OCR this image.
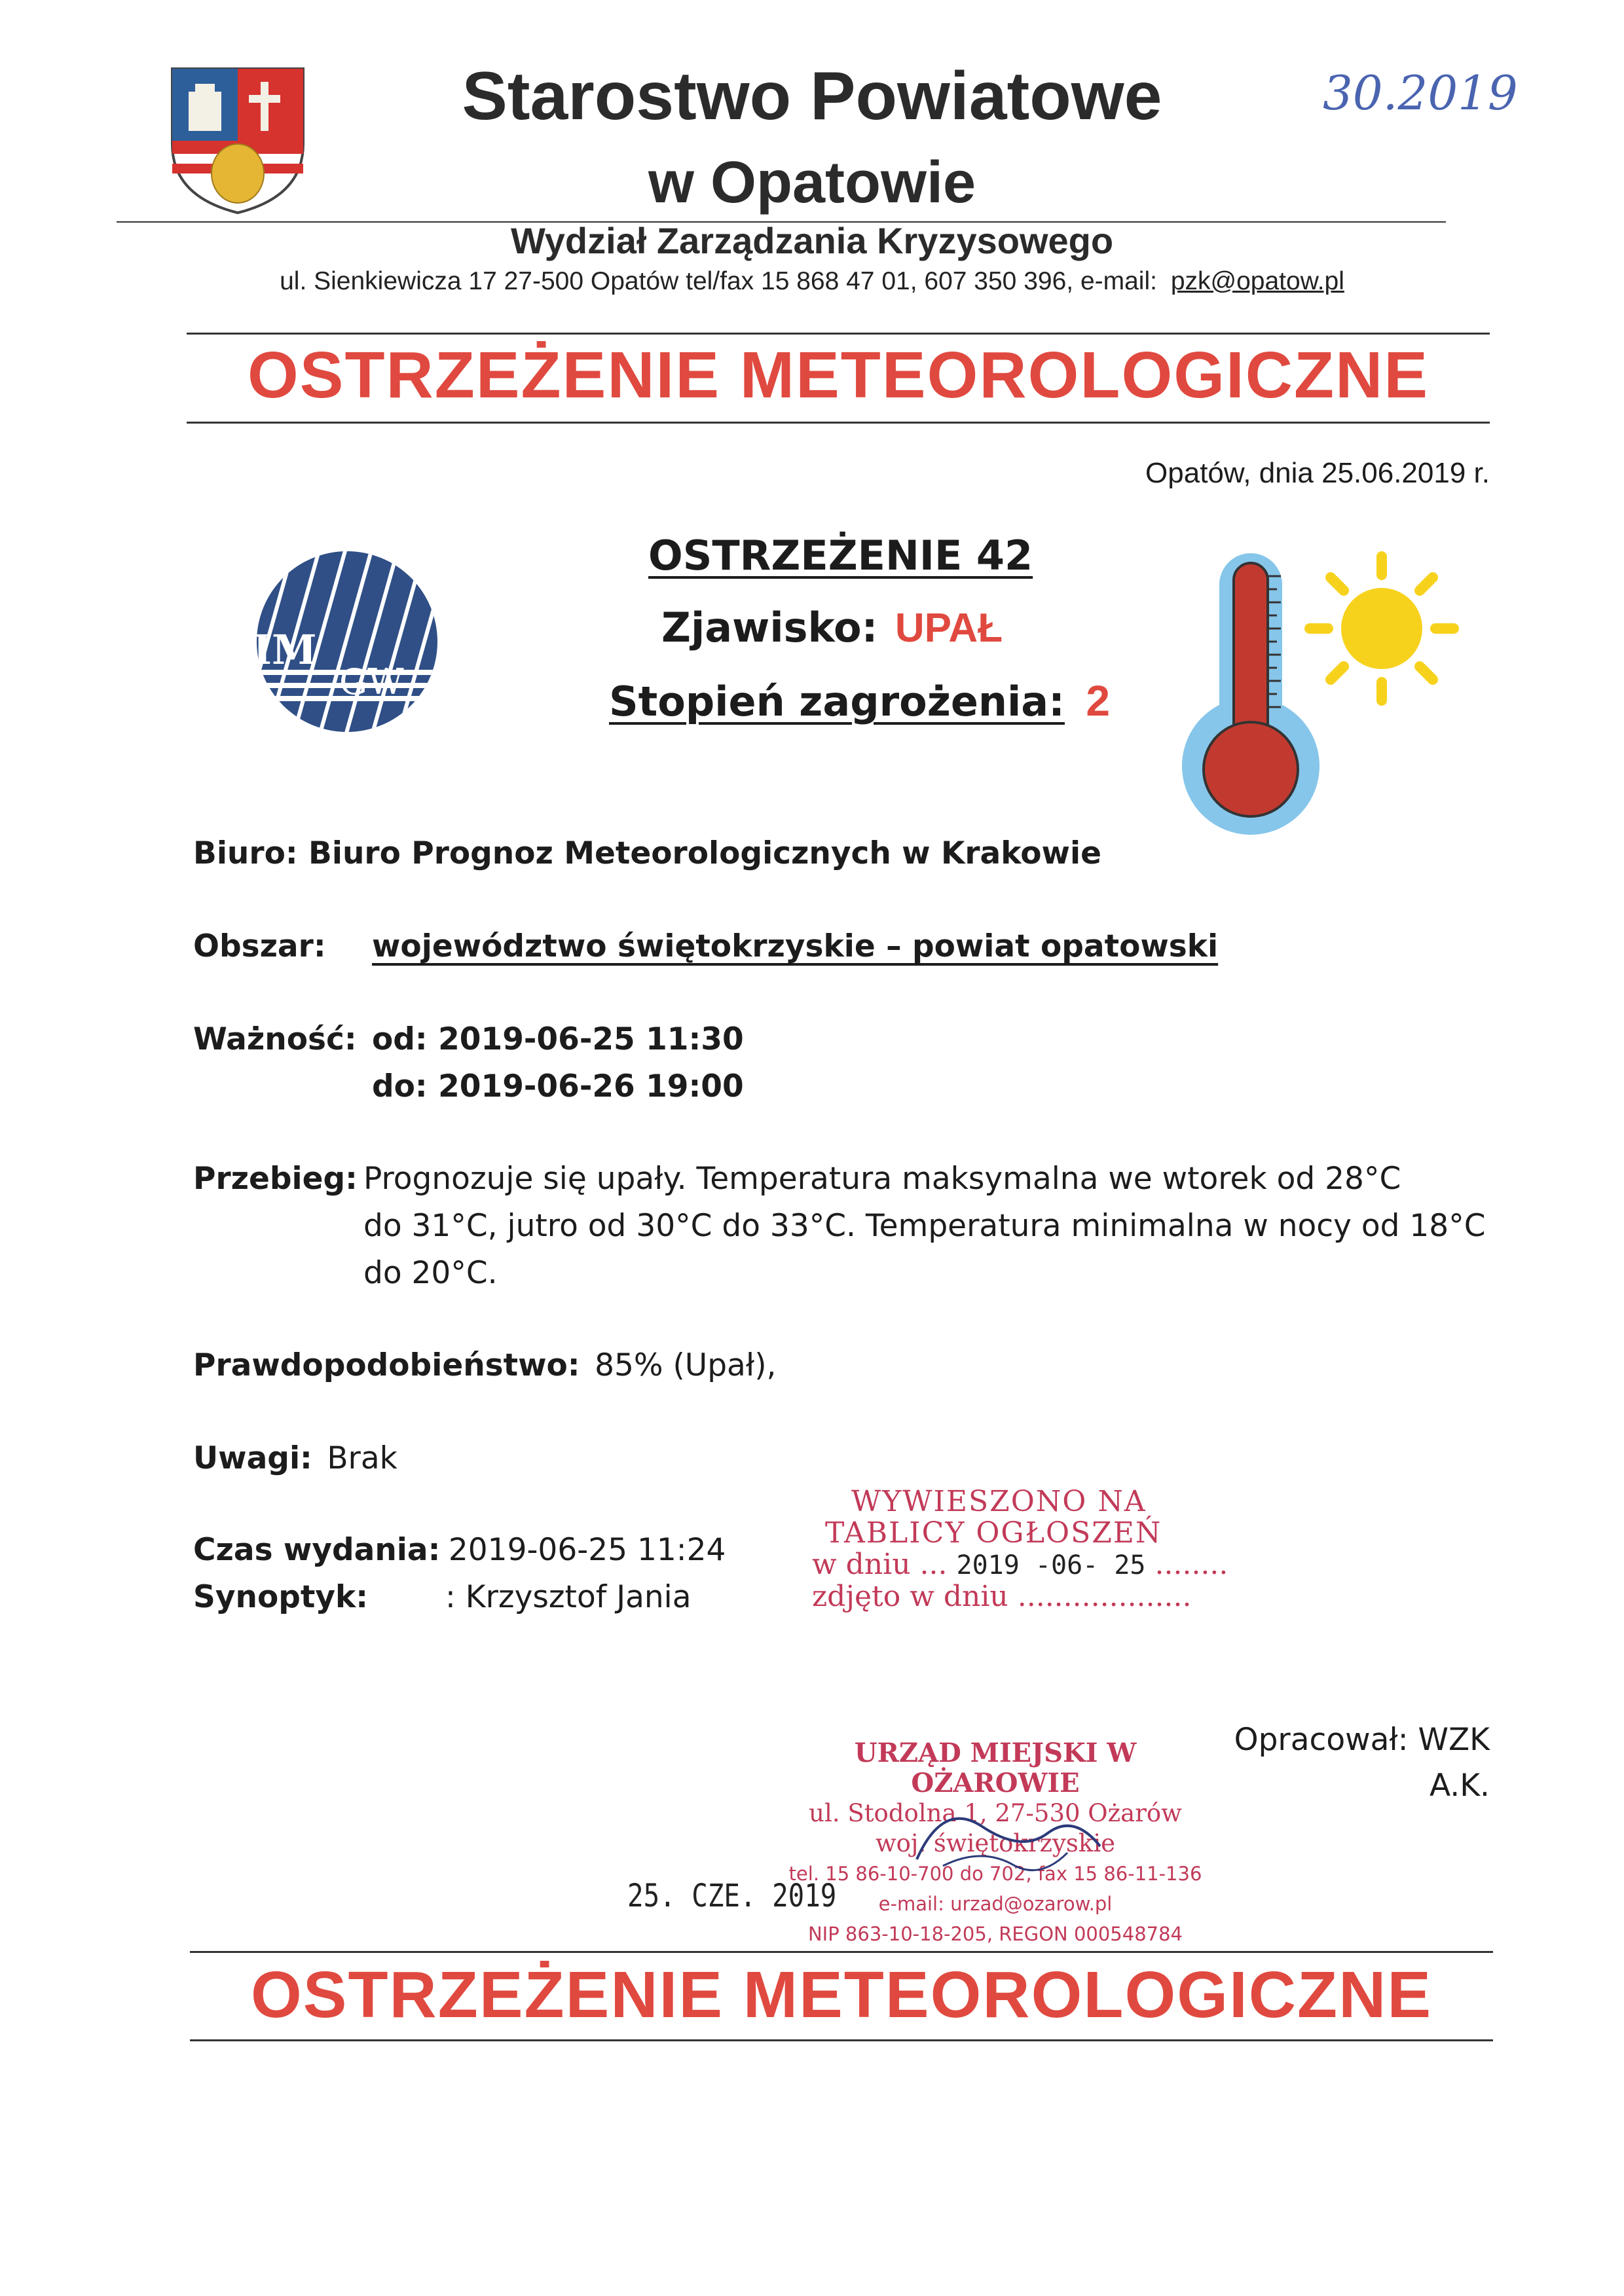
Starostwo Powiatowe
w Opatowie
30.2019
Wydział Zarządzania Kryzysowego
ul. Sienkiewicza 17 27-500 Opatów tel/fax 15 868 47 01, 607 350 396, e-mail: pzk@opatow.pl
OSTRZEŻENIE METEOROLOGICZNE
Opatów, dnia 25.06.2019 r.
IM
GW
OSTRZEŻENIE 42
Zjawisko: UPAŁ
Stopień zagrożenia: 2
Biuro: Biuro Prognoz Meteorologicznych w Krakowie
Obszar: województwo świętokrzyskie – powiat opatowski
Ważność: od: 2019-06-25 11:30
do: 2019-06-26 19:00
Przebieg: Prognozuje się upały. Temperatura maksymalna we wtorek od 28°C
do 31°C, jutro od 30°C do 33°C. Temperatura minimalna w nocy od 18°C
do 20°C.
Prawdopodobieństwo: 85% (Upał),
Uwagi: Brak
Czas wydania: 2019-06-25 11:24
Synoptyk:	: Krzysztof Jania
WYWIESZONO NA
TABLICY OGŁOSZEŃ
w dniu ... 2019 -06- 25 ........
zdjęto w dniu ...................
Opracował: WZK
A.K.
URZĄD MIEJSKI W OŻAROWIE
ul. Stodolna 1, 27-530 Ożarów
woj. świętokrzyskie
tel. 15 86-10-700 do 702, fax 15 86-11-136
e-mail: urzad@ozarow.pl
NIP 863-10-18-205, REGON 000548784
25. CZE. 2019
OSTRZEŻENIE METEOROLOGICZNE
